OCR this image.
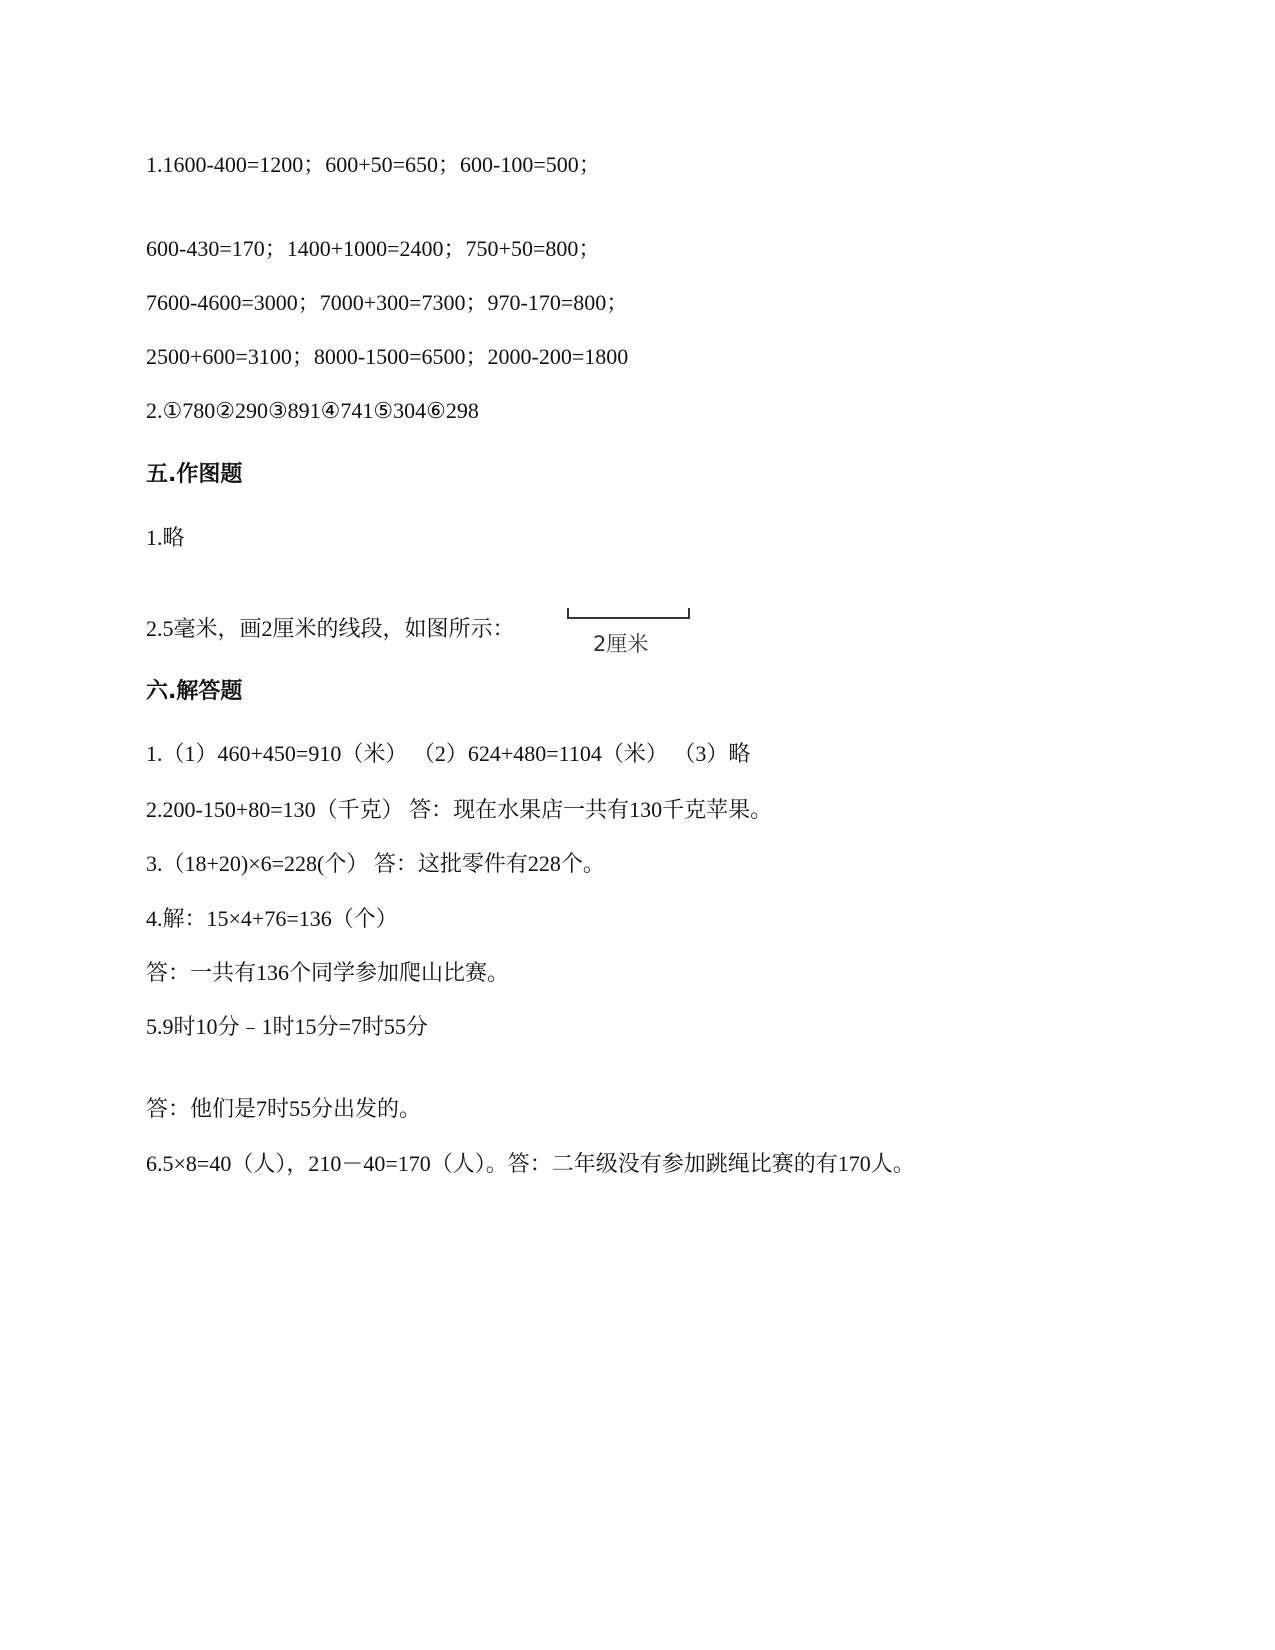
1.1600-400=1200；600+50=650；600-100=500；
600-430=170；1400+1000=2400；750+50=800；
7600-4600=3000；7000+300=7300；970-170=800；
2500+600=3100；8000-1500=6500；2000-200=1800
2.①780②290③891④741⑤304⑥298
五.作图题
1.略
2.5毫米，画2厘米的线段，如图所示：
2厘米
六.解答题
1.（1）460+450=910（米） （2）624+480=1104（米） （3）略
2.200-150+80=130（千克） 答：现在水果店一共有130千克苹果。
3.（18+20)×6=228(个） 答：这批零件有228个。
4.解：15×4+76=136（个）
答：一共有136个同学参加爬山比赛。
5.9时10分﹣1时15分=7时55分
答：他们是7时55分出发的。
6.5×8=40（人），210－40=170（人）。答：二年级没有参加跳绳比赛的有170人。
